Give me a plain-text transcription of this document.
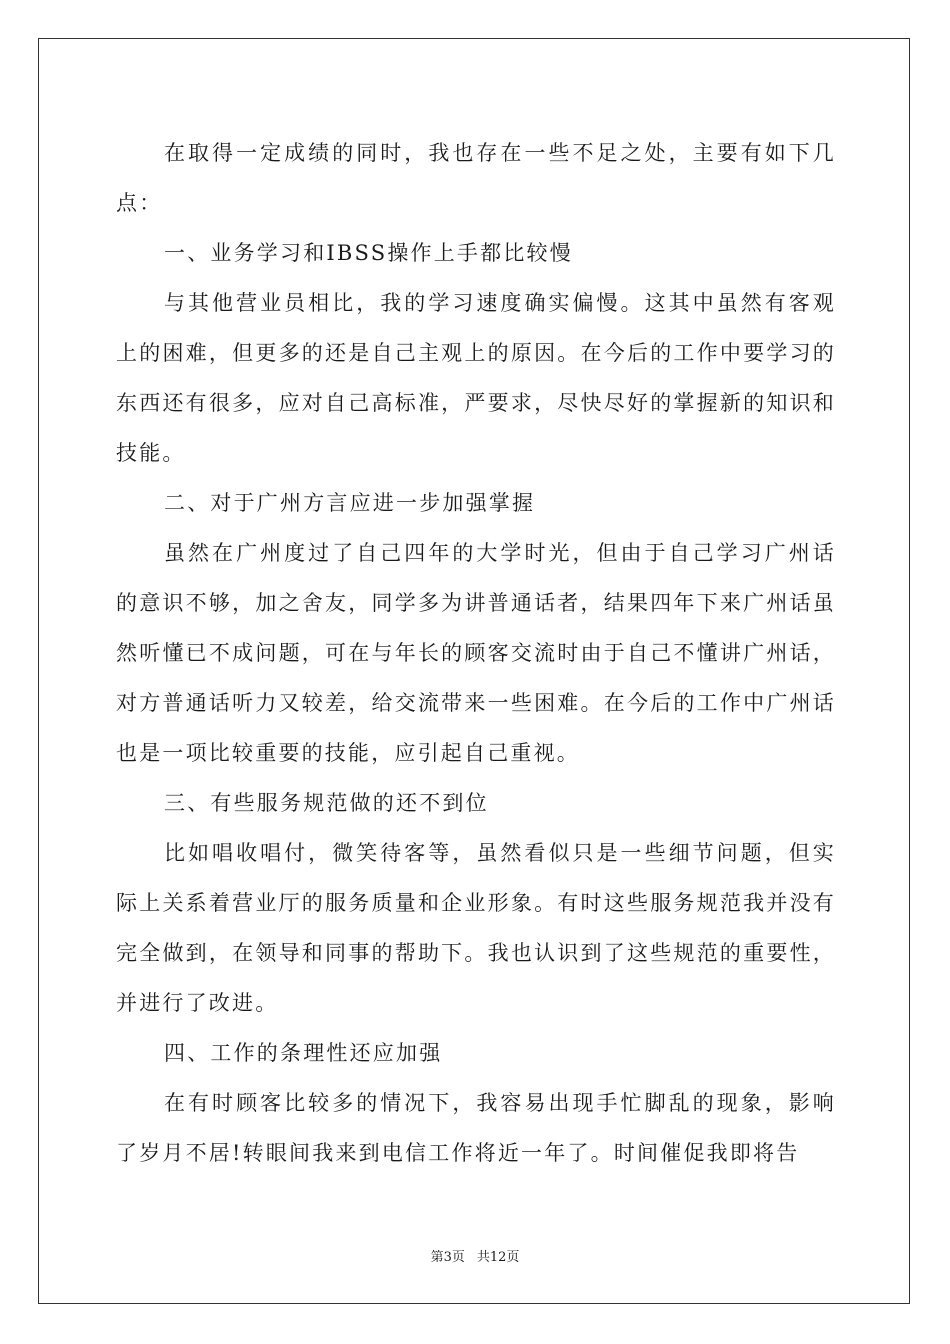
在取得一定成绩的同时，我也存在一些不足之处，主要有如下几点：

一、业务学习和IBSS操作上手都比较慢

与其他营业员相比，我的学习速度确实偏慢。这其中虽然有客观上的困难，但更多的还是自己主观上的原因。在今后的工作中要学习的东西还有很多，应对自己高标准，严要求，尽快尽好的掌握新的知识和技能。

二、对于广州方言应进一步加强掌握

虽然在广州度过了自己四年的大学时光，但由于自己学习广州话的意识不够，加之舍友，同学多为讲普通话者，结果四年下来广州话虽然听懂已不成问题，可在与年长的顾客交流时由于自己不懂讲广州话，对方普通话听力又较差，给交流带来一些困难。在今后的工作中广州话也是一项比较重要的技能，应引起自己重视。

三、有些服务规范做的还不到位

比如唱收唱付，微笑待客等，虽然看似只是一些细节问题，但实际上关系着营业厅的服务质量和企业形象。有时这些服务规范我并没有完全做到，在领导和同事的帮助下。我也认识到了这些规范的重要性，并进行了改进。

四、工作的条理性还应加强

在有时顾客比较多的情况下，我容易出现手忙脚乱的现象，影响了岁月不居!转眼间我来到电信工作将近一年了。时间催促我即将告

第3页 共12页
